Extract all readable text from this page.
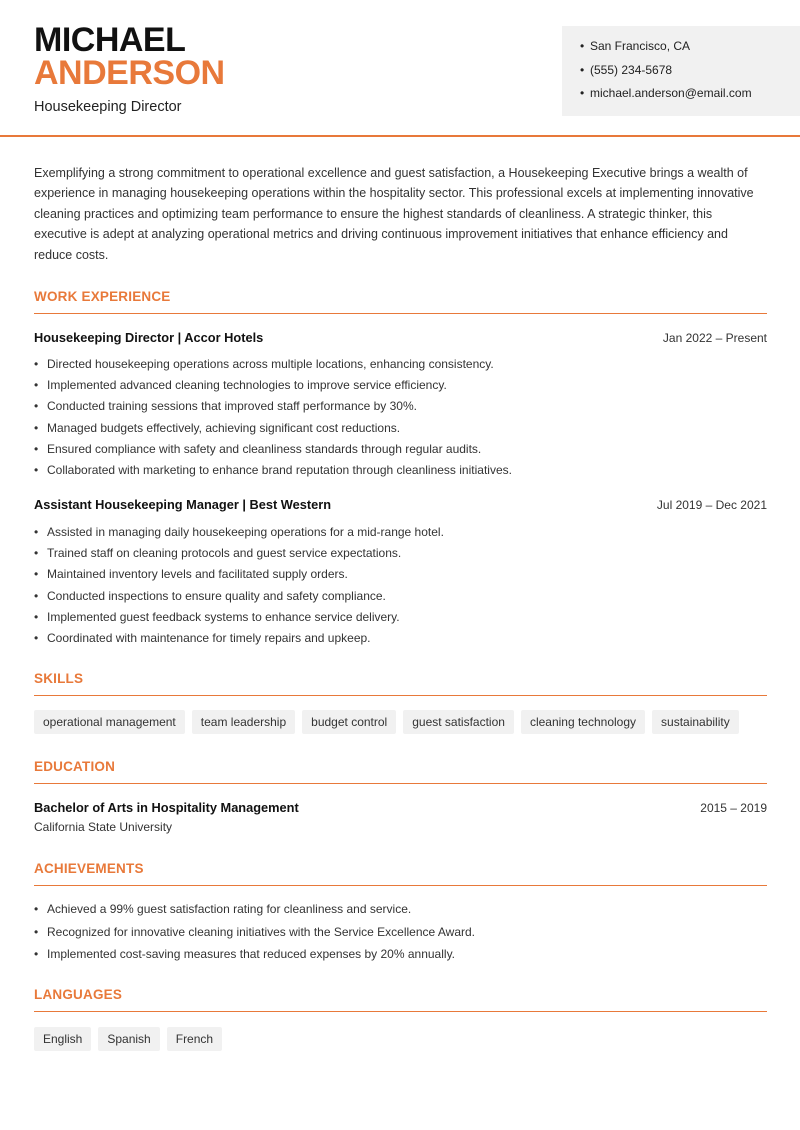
MICHAEL
ANDERSON
Housekeeping Director
• San Francisco, CA
• (555) 234-5678
• michael.anderson@email.com

Exemplifying a strong commitment to operational excellence and guest satisfaction, a Housekeeping Executive brings a wealth of experience in managing housekeeping operations within the hospitality sector. This professional excels at implementing innovative cleaning practices and optimizing team performance to ensure the highest standards of cleanliness. A strategic thinker, this executive is adept at analyzing operational metrics and driving continuous improvement initiatives that enhance efficiency and reduce costs.

WORK EXPERIENCE
Housekeeping Director | Accor Hotels	Jan 2022 – Present
• Directed housekeeping operations across multiple locations, enhancing consistency.
• Implemented advanced cleaning technologies to improve service efficiency.
• Conducted training sessions that improved staff performance by 30%.
• Managed budgets effectively, achieving significant cost reductions.
• Ensured compliance with safety and cleanliness standards through regular audits.
• Collaborated with marketing to enhance brand reputation through cleanliness initiatives.
Assistant Housekeeping Manager | Best Western	Jul 2019 – Dec 2021
• Assisted in managing daily housekeeping operations for a mid-range hotel.
• Trained staff on cleaning protocols and guest service expectations.
• Maintained inventory levels and facilitated supply orders.
• Conducted inspections to ensure quality and safety compliance.
• Implemented guest feedback systems to enhance service delivery.
• Coordinated with maintenance for timely repairs and upkeep.
SKILLS
operational management	team leadership	budget control	guest satisfaction	cleaning technology	sustainability
EDUCATION
Bachelor of Arts in Hospitality Management	2015 – 2019
California State University
ACHIEVEMENTS
• Achieved a 99% guest satisfaction rating for cleanliness and service.
• Recognized for innovative cleaning initiatives with the Service Excellence Award.
• Implemented cost-saving measures that reduced expenses by 20% annually.
LANGUAGES
English	Spanish	French
